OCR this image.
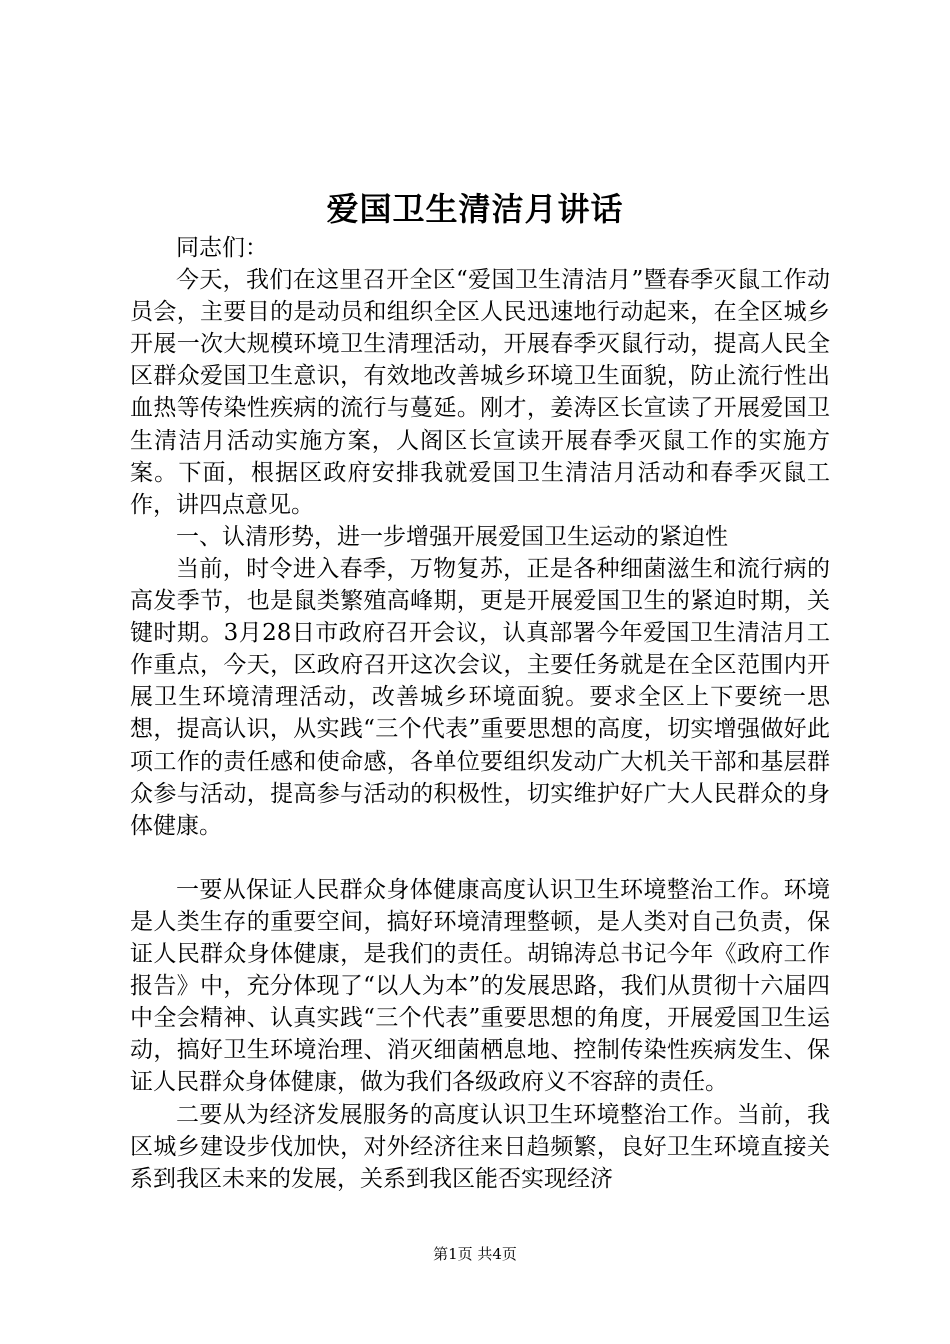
爱国卫生清洁月讲话

同志们：

今天，我们在这里召开全区“爱国卫生清洁月”暨春季灭鼠工作动员会，主要目的是动员和组织全区人民迅速地行动起来，在全区城乡开展一次大规模环境卫生清理活动，开展春季灭鼠行动，提高人民全区群众爱国卫生意识，有效地改善城乡环境卫生面貌，防止流行性出血热等传染性疾病的流行与蔓延。刚才，姜涛区长宣读了开展爱国卫生清洁月活动实施方案，人阁区长宣读开展春季灭鼠工作的实施方案。下面，根据区政府安排我就爱国卫生清洁月活动和春季灭鼠工作，讲四点意见。

一、认清形势，进一步增强开展爱国卫生运动的紧迫性

当前，时令进入春季，万物复苏，正是各种细菌滋生和流行病的高发季节，也是鼠类繁殖高峰期，更是开展爱国卫生的紧迫时期，关键时期。3月28日市政府召开会议，认真部署今年爱国卫生清洁月工作重点，今天，区政府召开这次会议，主要任务就是在全区范围内开展卫生环境清理活动，改善城乡环境面貌。要求全区上下要统一思想，提高认识，从实践“三个代表”重要思想的高度，切实增强做好此项工作的责任感和使命感，各单位要组织发动广大机关干部和基层群众参与活动，提高参与活动的积极性，切实维护好广大人民群众的身体健康。

一要从保证人民群众身体健康高度认识卫生环境整治工作。环境是人类生存的重要空间，搞好环境清理整顿，是人类对自己负责，保证人民群众身体健康，是我们的责任。胡锦涛总书记今年《政府工作报告》中，充分体现了“以人为本”的发展思路，我们从贯彻十六届四中全会精神、认真实践“三个代表”重要思想的角度，开展爱国卫生运动，搞好卫生环境治理、消灭细菌栖息地、控制传染性疾病发生、保证人民群众身体健康，做为我们各级政府义不容辞的责任。

二要从为经济发展服务的高度认识卫生环境整治工作。当前，我区城乡建设步伐加快，对外经济往来日趋频繁，良好卫生环境直接关系到我区未来的发展，关系到我区能否实现经济

第1页 共4页
